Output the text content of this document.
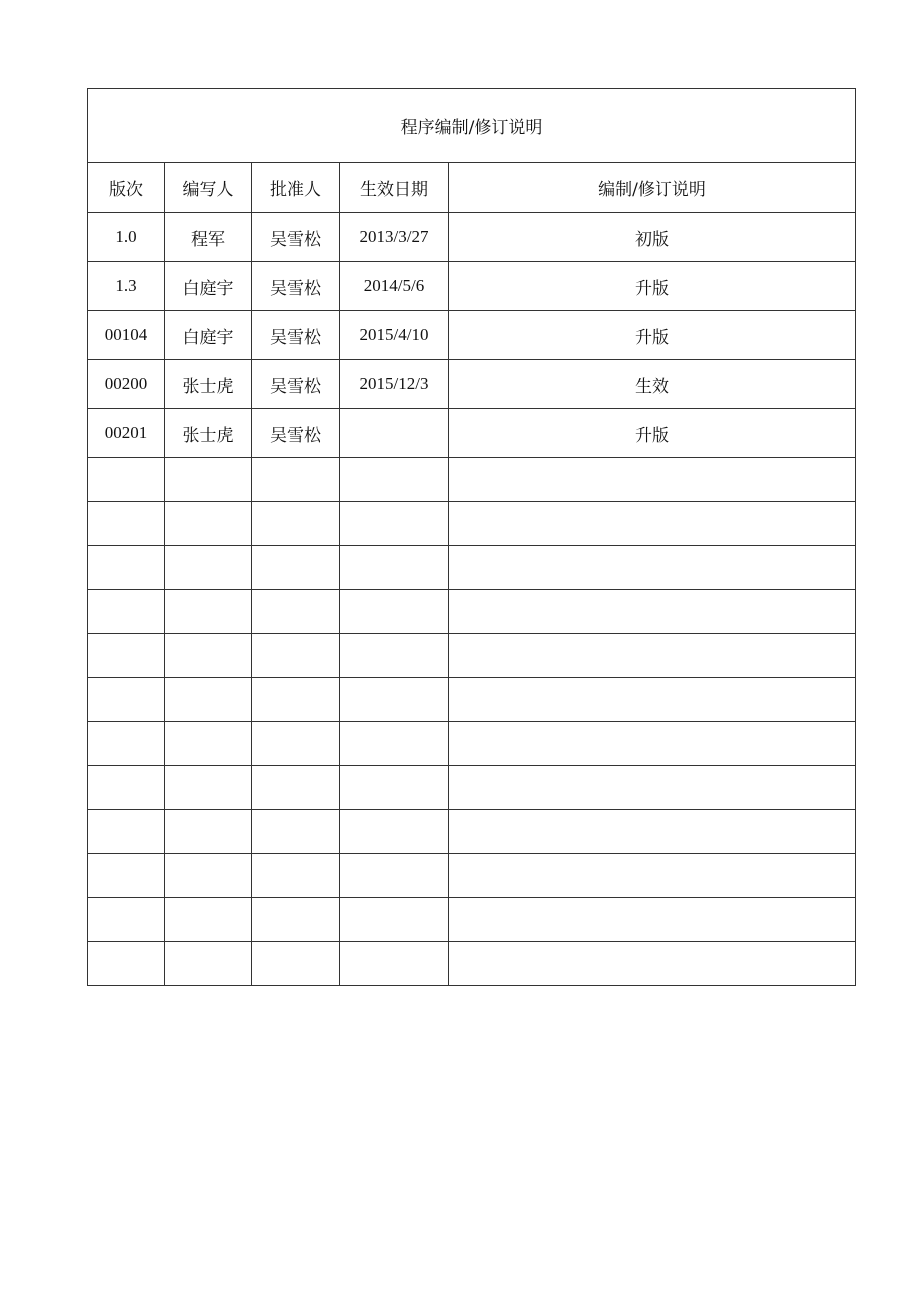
程序编制/修订说明				
版次	编写人	批准人	生效日期	编制/修订说明
1.0	程军	吴雪松	2013/3/27	初版
1.3	白庭宇	吴雪松	2014/5/6	升版
00104	白庭宇	吴雪松	2015/4/10	升版
00200	张士虎	吴雪松	2015/12/3	生效
00201	张士虎	吴雪松		升版
